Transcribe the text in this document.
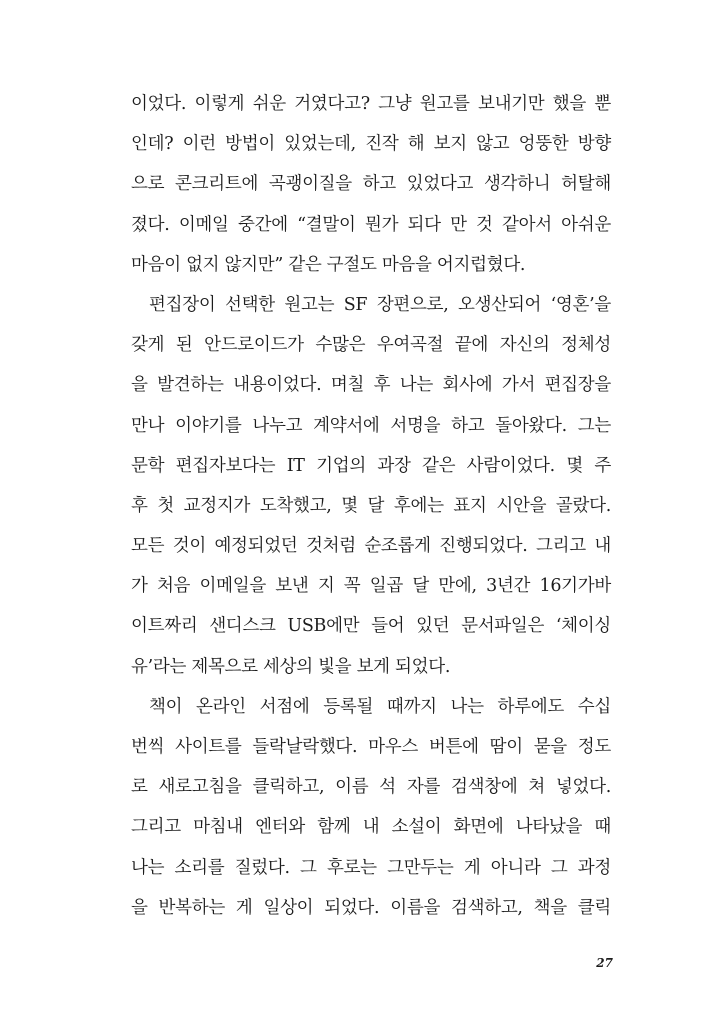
이었다. 이렇게 쉬운 거였다고? 그냥 원고를 보내기만 했을 뿐
인데? 이런 방법이 있었는데, 진작 해 보지 않고 엉뚱한 방향
으로 콘크리트에 곡괭이질을 하고 있었다고 생각하니 허탈해
졌다. 이메일 중간에 “결말이 뭔가 되다 만 것 같아서 아쉬운
마음이 없지 않지만” 같은 구절도 마음을 어지럽혔다.
편집장이 선택한 원고는 SF 장편으로, 오생산되어 ‘영혼’을
갖게 된 안드로이드가 수많은 우여곡절 끝에 자신의 정체성
을 발견하는 내용이었다. 며칠 후 나는 회사에 가서 편집장을
만나 이야기를 나누고 계약서에 서명을 하고 돌아왔다. 그는
문학 편집자보다는 IT 기업의 과장 같은 사람이었다. 몇 주
후 첫 교정지가 도착했고, 몇 달 후에는 표지 시안을 골랐다.
모든 것이 예정되었던 것처럼 순조롭게 진행되었다. 그리고 내
가 처음 이메일을 보낸 지 꼭 일곱 달 만에, 3년간 16기가바
이트짜리 샌디스크 USB에만 들어 있던 문서파일은 ‘체이싱
유’라는 제목으로 세상의 빛을 보게 되었다.
책이 온라인 서점에 등록될 때까지 나는 하루에도 수십
번씩 사이트를 들락날락했다. 마우스 버튼에 땀이 묻을 정도
로 새로고침을 클릭하고, 이름 석 자를 검색창에 쳐 넣었다.
그리고 마침내 엔터와 함께 내 소설이 화면에 나타났을 때
나는 소리를 질렀다. 그 후로는 그만두는 게 아니라 그 과정
을 반복하는 게 일상이 되었다. 이름을 검색하고, 책을 클릭
27
